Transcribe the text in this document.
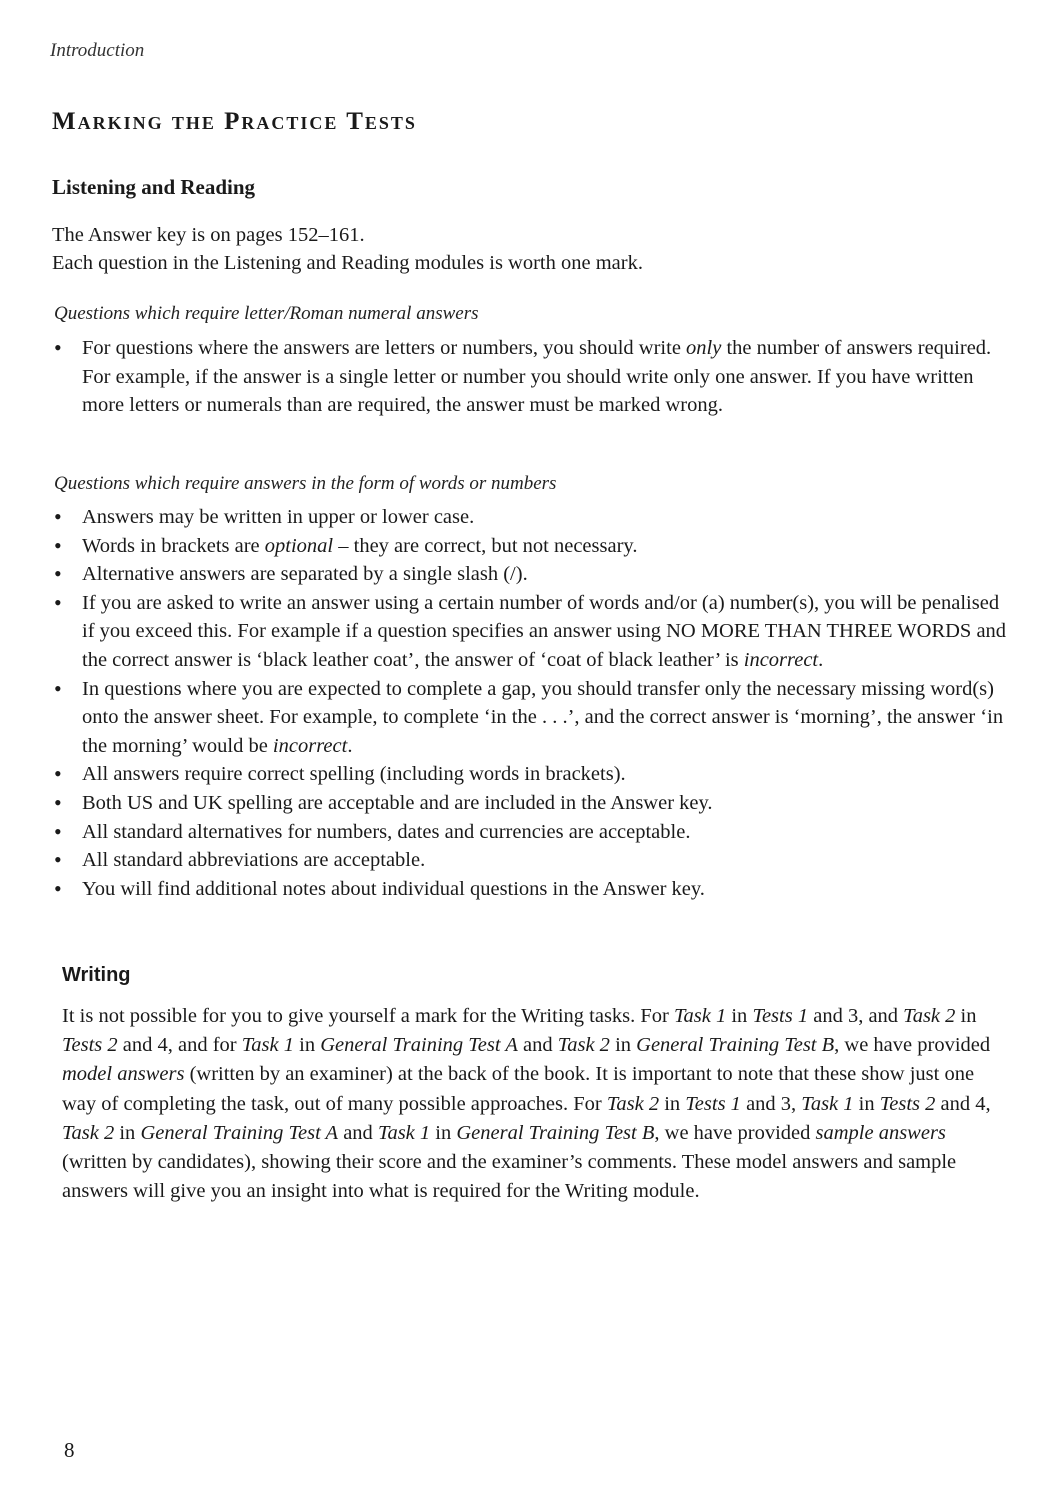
Introduction
Marking the Practice Tests
Listening and Reading

The Answer key is on pages 152–161.
Each question in the Listening and Reading modules is worth one mark.

Questions which require letter/Roman numeral answers

• For questions where the answers are letters or numbers, you should write only the number of answers required. For example, if the answer is a single letter or number you should write only one answer. If you have written more letters or numerals than are required, the answer must be marked wrong.

Questions which require answers in the form of words or numbers

• Answers may be written in upper or lower case.
• Words in brackets are optional – they are correct, but not necessary.
• Alternative answers are separated by a single slash (/).
• If you are asked to write an answer using a certain number of words and/or (a) number(s), you will be penalised if you exceed this. For example if a question specifies an answer using NO MORE THAN THREE WORDS and the correct answer is ‘black leather coat’, the answer of ‘coat of black leather’ is incorrect.
• In questions where you are expected to complete a gap, you should transfer only the necessary missing word(s) onto the answer sheet. For example, to complete ‘in the . . .’, and the correct answer is ‘morning’, the answer ‘in the morning’ would be incorrect.
• All answers require correct spelling (including words in brackets).
• Both US and UK spelling are acceptable and are included in the Answer key.
• All standard alternatives for numbers, dates and currencies are acceptable.
• All standard abbreviations are acceptable.
• You will find additional notes about individual questions in the Answer key.
Writing

It is not possible for you to give yourself a mark for the Writing tasks. For Task 1 in Tests 1 and 3, and Task 2 in Tests 2 and 4, and for Task 1 in General Training Test A and Task 2 in General Training Test B, we have provided model answers (written by an examiner) at the back of the book. It is important to note that these show just one way of completing the task, out of many possible approaches. For Task 2 in Tests 1 and 3, Task 1 in Tests 2 and 4, Task 2 in General Training Test A and Task 1 in General Training Test B, we have provided sample answers (written by candidates), showing their score and the examiner’s comments. These model answers and sample answers will give you an insight into what is required for the Writing module.

8
